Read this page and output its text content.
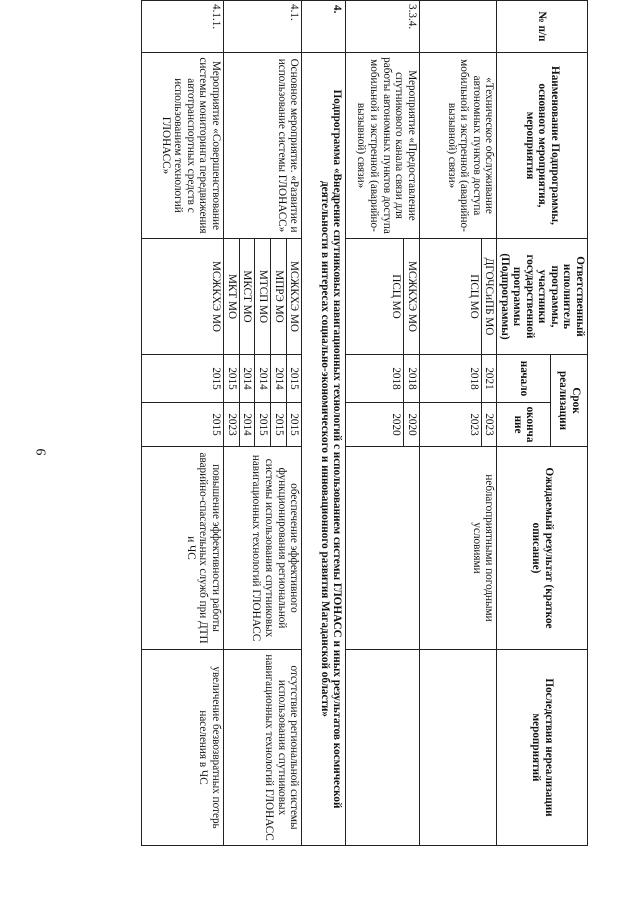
9
№ п/п	Наименование Подпрограммы, основного мероприятия, мероприятия	Ответственный исполнитель программы, участники государственной программы (Подпрограммы)	Срок реализации		Ожидаемый результат (краткое описание)	Последствия нереализации мероприятий
			начало	окончание		
	«Техническое обслуживание автономных пунктов доступа мобильной и экстренной (аварийно-вызывной) связи»	ДГОЧСиПБ МО	2021	2023	неблагоприятными погодными условиями	
		ПСЦ МО	2018	2023		
3.3.4.	Мероприятие «Предоставление спутникового канала связи для работы автономных пунктов доступа мобильной и экстренной (аварийно-вызывной) связи»	МСЖКХЭ МО	2018	2020		
		ПСЦ МО	2018	2020		
4.	Подпрограмма «Внедрение спутниковых навигационных технологий с использованием системы ГЛОНАСС и иных результатов космической деятельности в интересах социально-экономического и инновационного развития Магаданской области»					
4.1.	Основное мероприятие. «Развитие и использование системы ГЛОНАСС»	МСЖКХЭ МО	2015	2015	обеспечение эффективного функционирования региональной системы использования спутниковых навигационных технологий ГЛОНАСС	отсутствие региональной системы использования спутниковых навигационных технологий ГЛОНАСС
		МПРЭ МО	2014	2015		
		МТСП МО	2014	2015		
		МКСТ МО	2014	2014		
		МКТ МО	2015	2023		
4.1.1.	Мероприятие «Совершенствование системы мониторинга передвижения автотранспортных средств с использованием технологий ГЛОНАСС»	МСЖКХЭ МО	2015	2015	повышение эффективности работы аварийно-спасательных служб при ДТП и ЧС	увеличение безвозвратных потерь населения в ЧС
